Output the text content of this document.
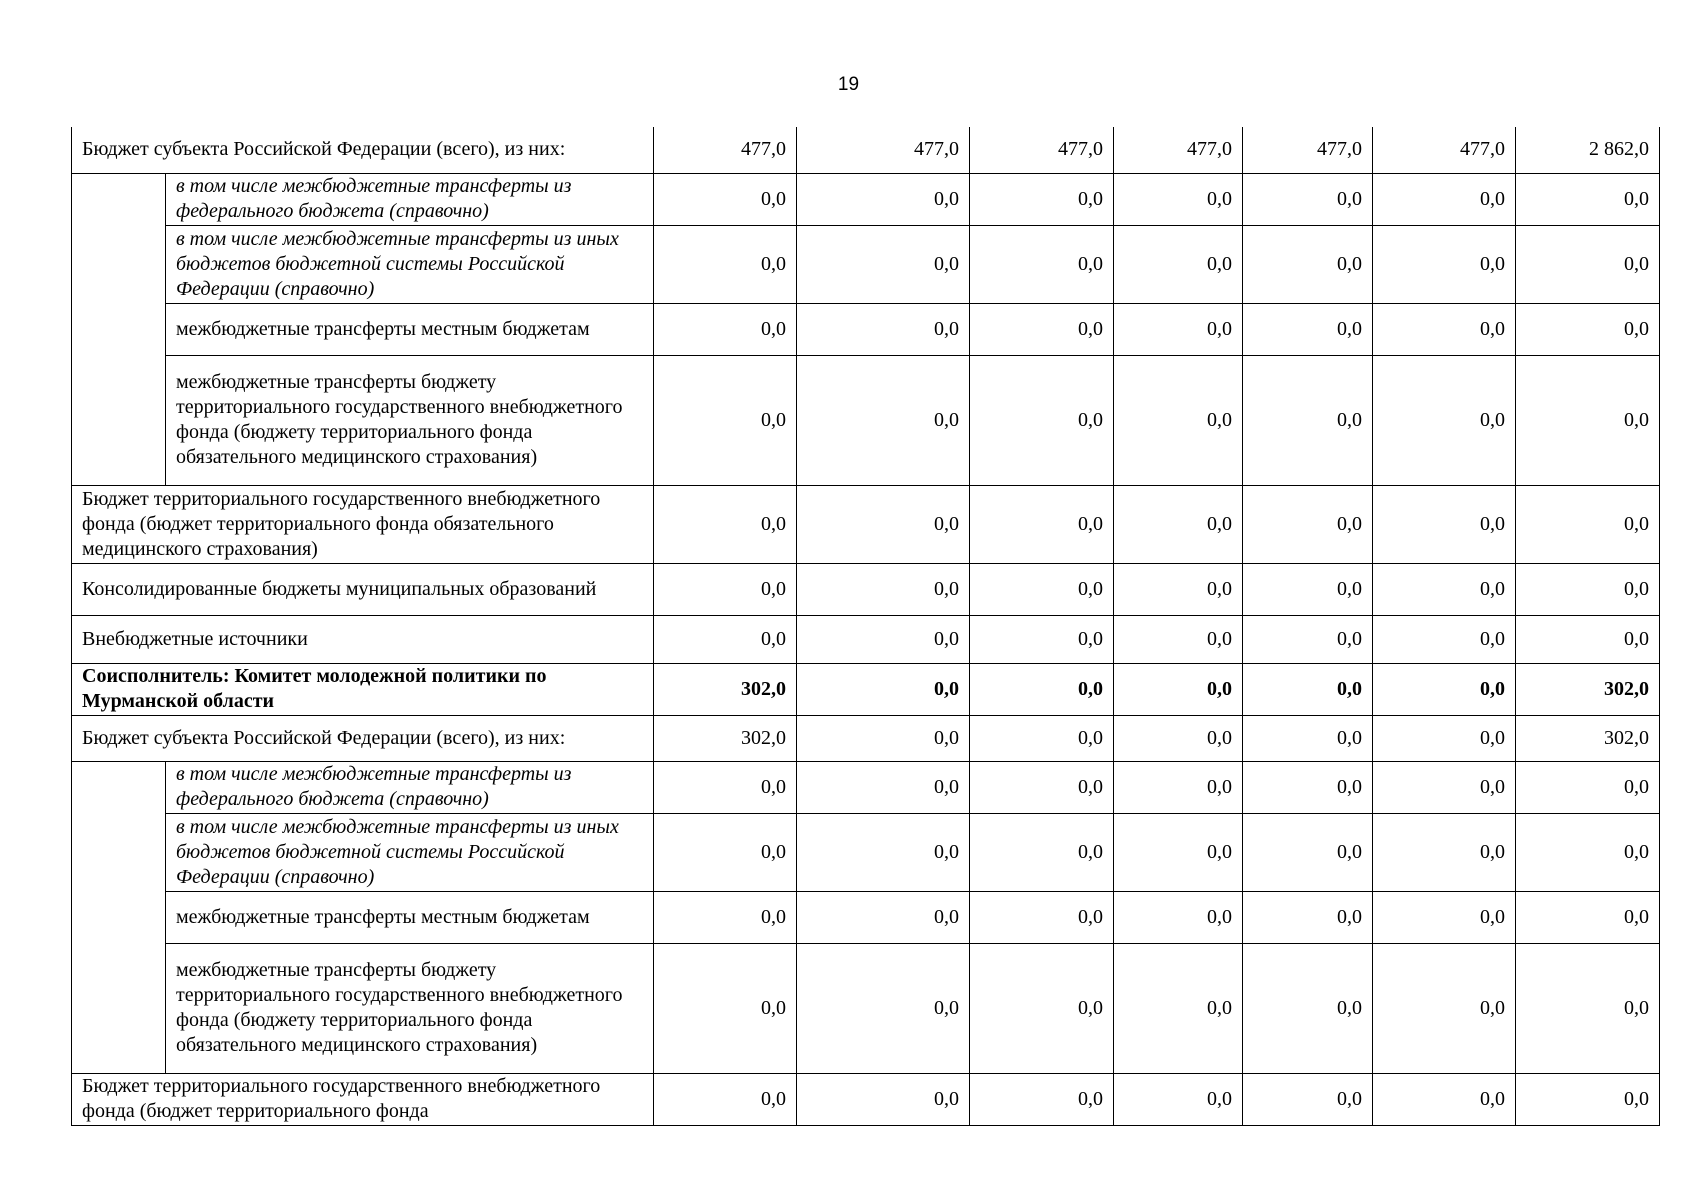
19
Бюджет субъекта Российской Федерации (всего), из них:		477,0	477,0	477,0	477,0	477,0	477,0	2 862,0
	в том числе межбюджетные трансферты из федерального бюджета (справочно)	0,0	0,0	0,0	0,0	0,0	0,0	0,0
	в том числе межбюджетные трансферты из иных бюджетов бюджетной системы Российской Федерации (справочно)	0,0	0,0	0,0	0,0	0,0	0,0	0,0
	межбюджетные трансферты местным бюджетам	0,0	0,0	0,0	0,0	0,0	0,0	0,0
	межбюджетные трансферты бюджету территориального государственного внебюджетного фонда (бюджету территориального фонда обязательного медицинского страхования)	0,0	0,0	0,0	0,0	0,0	0,0	0,0
Бюджет территориального государственного внебюджетного фонда (бюджет территориального фонда обязательного медицинского страхования)		0,0	0,0	0,0	0,0	0,0	0,0	0,0
Консолидированные бюджеты муниципальных образований		0,0	0,0	0,0	0,0	0,0	0,0	0,0
Внебюджетные источники		0,0	0,0	0,0	0,0	0,0	0,0	0,0
Соисполнитель: Комитет молодежной политики по Мурманской области		302,0	0,0	0,0	0,0	0,0	0,0	302,0
Бюджет субъекта Российской Федерации (всего), из них:		302,0	0,0	0,0	0,0	0,0	0,0	302,0
	в том числе межбюджетные трансферты из федерального бюджета (справочно)	0,0	0,0	0,0	0,0	0,0	0,0	0,0
	в том числе межбюджетные трансферты из иных бюджетов бюджетной системы Российской Федерации (справочно)	0,0	0,0	0,0	0,0	0,0	0,0	0,0
	межбюджетные трансферты местным бюджетам	0,0	0,0	0,0	0,0	0,0	0,0	0,0
	межбюджетные трансферты бюджету территориального государственного внебюджетного фонда (бюджету территориального фонда обязательного медицинского страхования)	0,0	0,0	0,0	0,0	0,0	0,0	0,0
Бюджет территориального государственного внебюджетного фонда (бюджет территориального фонда		0,0	0,0	0,0	0,0	0,0	0,0	0,0
